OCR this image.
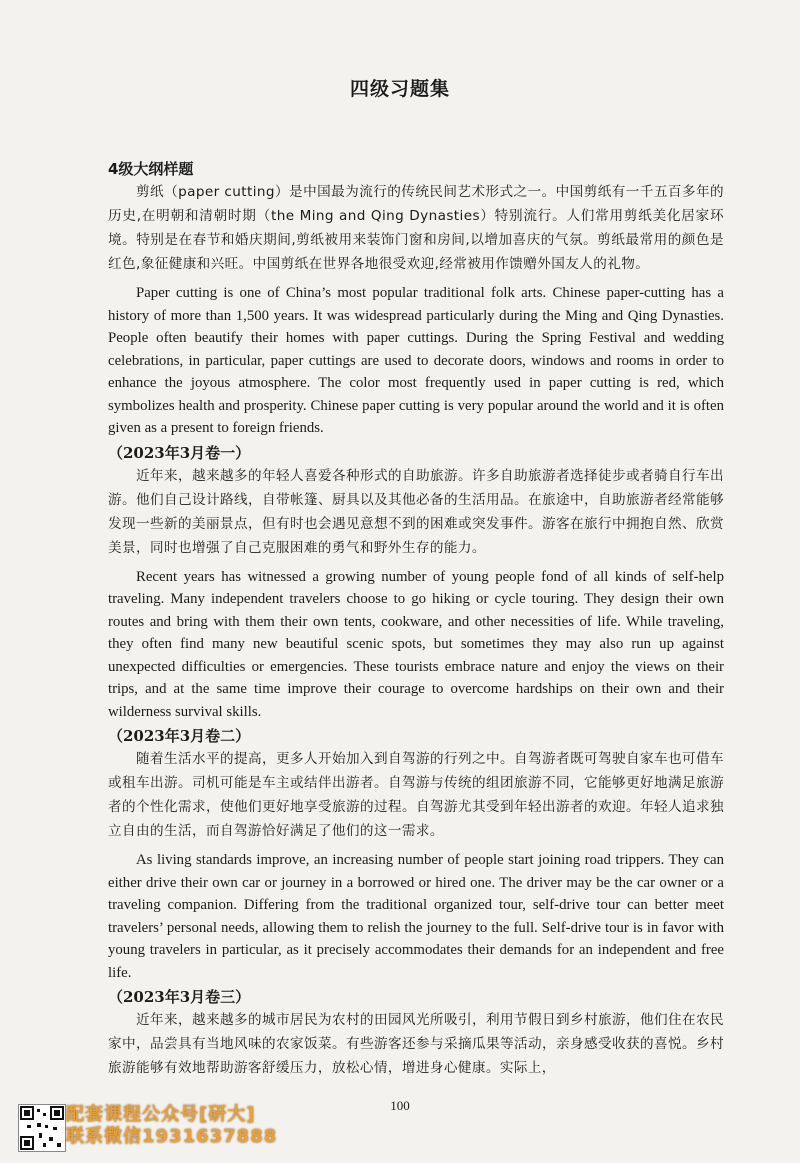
四级习题集

4级大纲样题

剪纸（paper cutting）是中国最为流行的传统民间艺术形式之一。中国剪纸有一千五百多年的历史,在明朝和清朝时期（the Ming and Qing Dynasties）特别流行。人们常用剪纸美化居家环境。特别是在春节和婚庆期间,剪纸被用来装饰门窗和房间,以增加喜庆的气氛。剪纸最常用的颜色是红色,象征健康和兴旺。中国剪纸在世界各地很受欢迎,经常被用作馈赠外国友人的礼物。

Paper cutting is one of China’s most popular traditional folk arts. Chinese paper-cutting has a history of more than 1,500 years. It was widespread particularly during the Ming and Qing Dynasties. People often beautify their homes with paper cuttings. During the Spring Festival and wedding celebrations, in particular, paper cuttings are used to decorate doors, windows and rooms in order to enhance the joyous atmosphere. The color most frequently used in paper cutting is red, which symbolizes health and prosperity. Chinese paper cutting is very popular around the world and it is often given as a present to foreign friends.

（2023年3月卷一）

近年来，越来越多的年轻人喜爱各种形式的自助旅游。许多自助旅游者选择徒步或者骑自行车出游。他们自己设计路线，自带帐篷、厨具以及其他必备的生活用品。在旅途中，自助旅游者经常能够发现一些新的美丽景点，但有时也会遇见意想不到的困难或突发事件。游客在旅行中拥抱自然、欣赏美景，同时也增强了自己克服困难的勇气和野外生存的能力。

Recent years has witnessed a growing number of young people fond of all kinds of self-help traveling. Many independent travelers choose to go hiking or cycle touring. They design their own routes and bring with them their own tents, cookware, and other necessities of life. While traveling, they often find many new beautiful scenic spots, but sometimes they may also run up against unexpected difficulties or emergencies. These tourists embrace nature and enjoy the views on their trips, and at the same time improve their courage to overcome hardships on their own and their wilderness survival skills.

（2023年3月卷二）

随着生活水平的提高，更多人开始加入到自驾游的行列之中。自驾游者既可驾驶自家车也可借车或租车出游。司机可能是车主或结伴出游者。自驾游与传统的组团旅游不同，它能够更好地满足旅游者的个性化需求，使他们更好地享受旅游的过程。自驾游尤其受到年轻出游者的欢迎。年轻人追求独立自由的生活，而自驾游恰好满足了他们的这一需求。

As living standards improve, an increasing number of people start joining road trippers. They can either drive their own car or journey in a borrowed or hired one. The driver may be the car owner or a traveling companion. Differing from the traditional organized tour, self-drive tour can better meet travelers’ personal needs, allowing them to relish the journey to the full. Self-drive tour is in favor with young travelers in particular, as it precisely accommodates their demands for an independent and free life.

（2023年3月卷三）

近年来，越来越多的城市居民为农村的田园风光所吸引，利用节假日到乡村旅游，他们住在农民家中，品尝具有当地风味的农家饭菜。有些游客还参与采摘瓜果等活动，亲身感受收获的喜悦。乡村旅游能够有效地帮助游客舒缓压力，放松心情，增进身心健康。实际上，

100
配套课程公众号[研大]
联系微信1931637888
